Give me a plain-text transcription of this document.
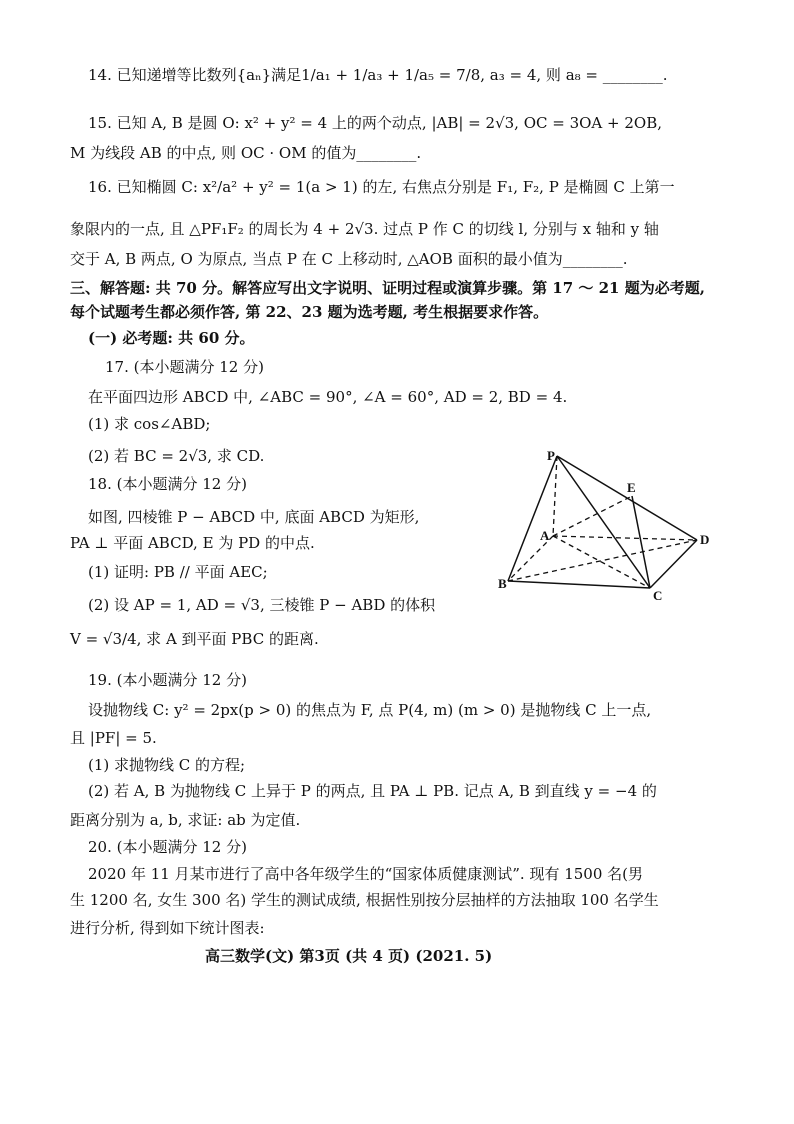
14. 已知递增等比数列{aₙ}满足1/a₁ + 1/a₃ + 1/a₅ = 7/8, a₃ = 4, 则 a₈ = ________.
15. 已知 A, B 是圆 O: x² + y² = 4 上的两个动点, |AB| = 2√3, OC = 3OA + 2OB,
M 为线段 AB 的中点, 则 OC · OM 的值为________.
16. 已知椭圆 C: x²/a² + y² = 1(a > 1) 的左, 右焦点分别是 F₁, F₂, P 是椭圆 C 上第一
象限内的一点, 且 △PF₁F₂ 的周长为 4 + 2√3. 过点 P 作 C 的切线 l, 分别与 x 轴和 y 轴
交于 A, B 两点, O 为原点, 当点 P 在 C 上移动时, △AOB 面积的最小值为________.
三、解答题: 共 70 分。解答应写出文字说明、证明过程或演算步骤。第 17 ～ 21 题为必考题,
每个试题考生都必须作答, 第 22、23 题为选考题, 考生根据要求作答。
(一) 必考题: 共 60 分。
17. (本小题满分 12 分)
在平面四边形 ABCD 中, ∠ABC = 90°, ∠A = 60°, AD = 2, BD = 4.
(1) 求 cos∠ABD;
(2) 若 BC = 2√3, 求 CD.
18. (本小题满分 12 分)
如图, 四棱锥 P − ABCD 中, 底面 ABCD 为矩形,
PA ⊥ 平面 ABCD, E 为 PD 的中点.
(1) 证明: PB // 平面 AEC;
(2) 设 AP = 1, AD = √3, 三棱锥 P − ABD 的体积
V = √3/4, 求 A 到平面 PBC 的距离.
P
E
A	D
B
C
19. (本小题满分 12 分)
设抛物线 C: y² = 2px(p > 0) 的焦点为 F, 点 P(4, m) (m > 0) 是抛物线 C 上一点,
且 |PF| = 5.
(1) 求抛物线 C 的方程;
(2) 若 A, B 为抛物线 C 上异于 P 的两点, 且 PA ⊥ PB. 记点 A, B 到直线 y = −4 的
距离分别为 a, b, 求证: ab 为定值.
20. (本小题满分 12 分)
2020 年 11 月某市进行了高中各年级学生的“国家体质健康测试”. 现有 1500 名(男
生 1200 名, 女生 300 名) 学生的测试成绩, 根据性别按分层抽样的方法抽取 100 名学生
进行分析, 得到如下统计图表:
高三数学(文) 第3页 (共 4 页) (2021. 5)
